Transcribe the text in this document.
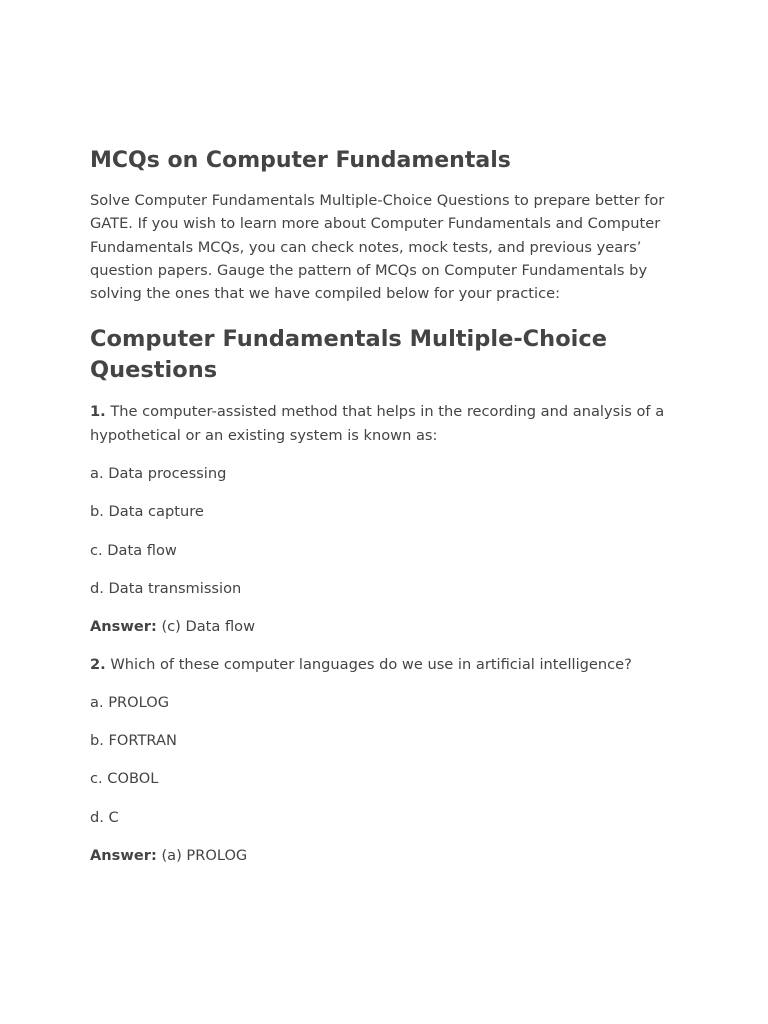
MCQs on Computer Fundamentals

Solve Computer Fundamentals Multiple-Choice Questions to prepare better for GATE. If you wish to learn more about Computer Fundamentals and Computer Fundamentals MCQs, you can check notes, mock tests, and previous years’ question papers. Gauge the pattern of MCQs on Computer Fundamentals by solving the ones that we have compiled below for your practice:

Computer Fundamentals Multiple-Choice Questions

1. The computer-assisted method that helps in the recording and analysis of a hypothetical or an existing system is known as:

a. Data processing

b. Data capture

c. Data flow

d. Data transmission

Answer: (c) Data flow

2. Which of these computer languages do we use in artificial intelligence?

a. PROLOG

b. FORTRAN

c. COBOL

d. C

Answer: (a) PROLOG
